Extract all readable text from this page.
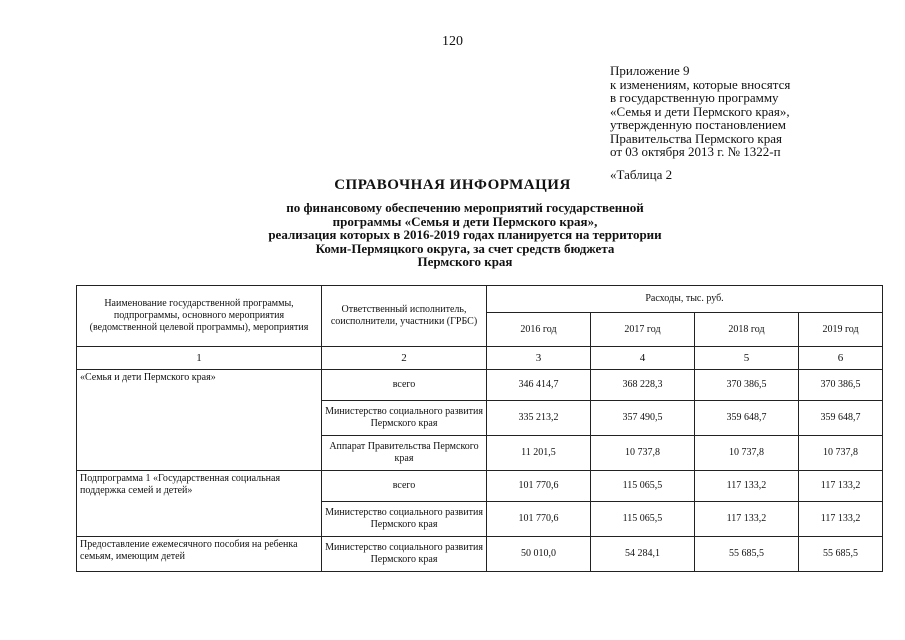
120
Приложение 9
к изменениям, которые вносятся
в государственную программу
«Семья и дети Пермского края»,
утвержденную постановлением
Правительства Пермского края
от 03 октября 2013 г. № 1322-п
«Таблица 2
СПРАВОЧНАЯ ИНФОРМАЦИЯ
по финансовому обеспечению мероприятий государственной
программы «Семья и дети Пермского края»,
реализация которых в 2016-2019 годах планируется на территории
Коми-Пермяцкого округа, за счет средств бюджета
Пермского края
Наименование государственной программы, подпрограммы, основного мероприятия (ведомственной целевой программы), мероприятия	Ответственный исполнитель, соисполнители, участники (ГРБС)	Расходы, тыс. руб.			
		2016 год	2017 год	2018 год	2019 год
1	2	3	4	5	6
«Семья и дети Пермского края»	всего	346 414,7	368 228,3	370 386,5	370 386,5
	Министерство социального развития Пермского края	335 213,2	357 490,5	359 648,7	359 648,7
	Аппарат Правительства Пермского края	11 201,5	10 737,8	10 737,8	10 737,8
Подпрограмма 1 «Государственная социальная поддержка семей и детей»	всего	101 770,6	115 065,5	117 133,2	117 133,2
	Министерство социального развития Пермского края	101 770,6	115 065,5	117 133,2	117 133,2
Предоставление ежемесячного пособия на ребенка семьям, имеющим детей	Министерство социального развития Пермского края	50 010,0	54 284,1	55 685,5	55 685,5
